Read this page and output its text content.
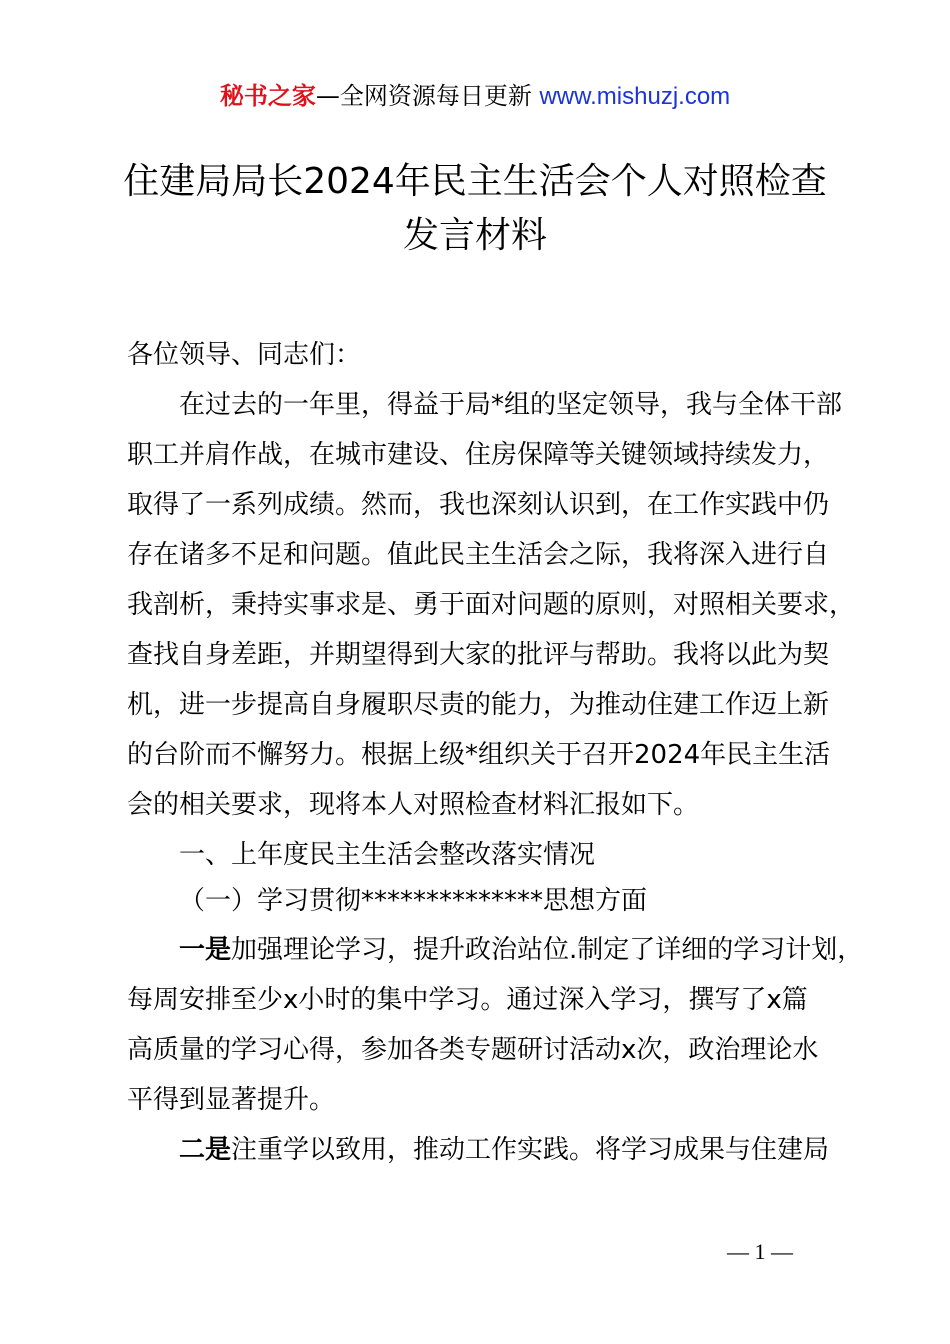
秘书之家—全网资源每日更新 www.mishuzj.com
住建局局长2024年民主生活会个人对照检查
发言材料
各位领导、同志们：
在过去的一年里，得益于局*组的坚定领导，我与全体干部
职工并肩作战，在城市建设、住房保障等关键领域持续发力，
取得了一系列成绩。然而，我也深刻认识到，在工作实践中仍
存在诸多不足和问题。值此民主生活会之际，我将深入进行自
我剖析，秉持实事求是、勇于面对问题的原则，对照相关要求，
查找自身差距，并期望得到大家的批评与帮助。我将以此为契
机，进一步提高自身履职尽责的能力，为推动住建工作迈上新
的台阶而不懈努力。根据上级*组织关于召开2024年民主生活
会的相关要求，现将本人对照检查材料汇报如下。
一、上年度民主生活会整改落实情况
（一）学习贯彻**************思想方面
一是加强理论学习，提升政治站位.制定了详细的学习计划，
每周安排至少x小时的集中学习。通过深入学习，撰写了x篇
高质量的学习心得，参加各类专题研讨活动x次，政治理论水
平得到显著提升。
二是注重学以致用，推动工作实践。将学习成果与住建局
— 1 —
